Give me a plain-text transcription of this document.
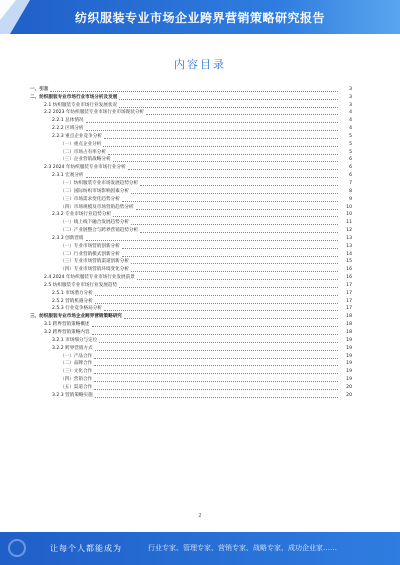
纺织服装专业市场企业跨界营销策略研究报告
内容目录
一、引言	3
二、纺织服装专业市场行业市场分析及发展	3
2.1 纺织服装专业市场行业发展状况	3
2.2 2023 年纺织服装专业市场行业市场现状分析	4
2.2.1 总体情况	4
2.2.2 区域分析	4
2.2.3 重点企业竞争分析	5
（一）重点企业分析	5
（二）市场占有率分析	5
（三）企业营销战略分析	6
2.3 2024 年纺织服装专业市场行业分析	6
2.3.1 宏观分析	6
（一）纺织服装专业市场发展趋势分析	7
（二）国际纺织市场影响因素分析	8
（三）市场需求变化趋势分析	9
（四）市场规模及市场营销趋势分析	10
2.3.2 专业市场行业趋势分析	10
（一）线上线下融合发展趋势分析	11
（二）产业链整合与跨界营销趋势分析	12
2.3.3 创新营销	13
（一）专业市场营销创新分析	13
（二）行业营销模式创新分析	14
（三）专业市场营销渠道创新分析	15
（四）专业市场营销环境变化分析	16
2.4 2024 年纺织服装专业市场行业发展前景	16
2.5 纺织服装专业市场行业发展趋势	17
2.5.1 市场潜力分析	17
2.5.2 营销机遇分析	17
2.5.3 行业竞争格局分析	17
三、纺织服装专业市场企业跨界营销策略研究	18
3.1 跨界营销策略概述	18
3.2 跨界营销策略内容	18
3.2.1 市场细分与定位	19
3.2.2 跨界营销方式	19
（一）产品合作	19
（二）品牌合作	19
（三）文化合作	19
（四）营销合作	19
（五）渠道合作	20
3.2.3 营销策略实施	20
2
让每个人都能成为	行业专家、管理专家、营销专家、战略专家、成功企业家……
